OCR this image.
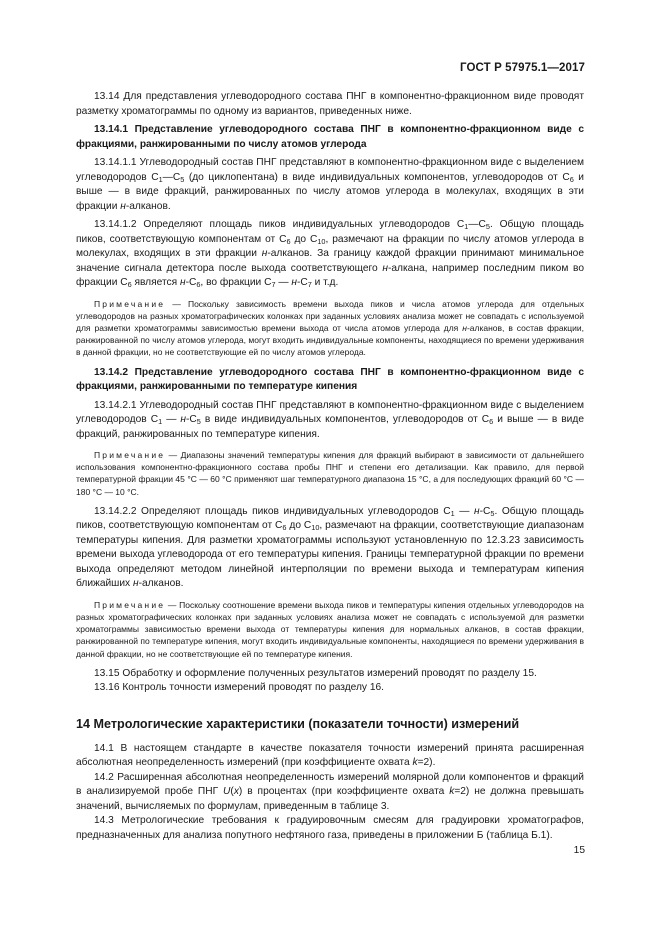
ГОСТ Р 57975.1—2017

13.14 Для представления углеводородного состава ПНГ в компонентно-фракционном виде проводят разметку хроматограммы по одному из вариантов, приведенных ниже.

13.14.1 Представление углеводородного состава ПНГ в компонентно-фракционном виде с фракциями, ранжированными по числу атомов углерода

13.14.1.1 Углеводородный состав ПНГ представляют в компонентно-фракционном виде с выделением углеводородов $С_1—С_5$ (до циклопентана) в виде индивидуальных компонентов, углеводородов от $С_6$ и выше — в виде фракций, ранжированных по числу атомов углерода в молекулах, входящих в эти фракции н-алканов.

13.14.1.2 Определяют площадь пиков индивидуальных углеводородов $С_1—С_5$. Общую площадь пиков, соответствующую компонентам от $С_6$ до $С_{10}$, размечают на фракции по числу атомов углерода в молекулах, входящих в эти фракции н-алканов. За границу каждой фракции принимают минимальное значение сигнала детектора после выхода соответствующего н-алкана, например последним пиком во фракции $С_6$ является $н-С_6$, во фракции $С_7$ — $н-С_7$ и т.д.

Примечание — Поскольку зависимость времени выхода пиков и числа атомов углерода для отдельных углеводородов на разных хроматографических колонках при заданных условиях анализа может не совпадать с используемой для разметки хроматограммы зависимостью времени выхода от числа атомов углерода для н-алканов, в состав фракции, ранжированной по числу атомов углерода, могут входить индивидуальные компоненты, находящиеся по времени удерживания в данной фракции, но не соответствующие ей по числу атомов углерода.

13.14.2 Представление углеводородного состава ПНГ в компонентно-фракционном виде с фракциями, ранжированными по температуре кипения

13.14.2.1 Углеводородный состав ПНГ представляют в компонентно-фракционном виде с выделением углеводородов $С_1$ — $н-С_5$ в виде индивидуальных компонентов, углеводородов от $С_6$ и выше — в виде фракций, ранжированных по температуре кипения.

Примечание — Диапазоны значений температуры кипения для фракций выбирают в зависимости от дальнейшего использования компонентно-фракционного состава пробы ПНГ и степени его детализации. Как правило, для первой температурной фракции 45 °С — 60 °С применяют шаг температурного диапазона 15 °С, а для последующих фракций 60 °С — 180 °С — 10 °С.

13.14.2.2 Определяют площадь пиков индивидуальных углеводородов $С_1$ — $н-С_5$. Общую площадь пиков, соответствующую компонентам от $С_6$ до $С_{10}$, размечают на фракции, соответствующие диапазонам температуры кипения. Для разметки хроматограммы используют установленную по 12.3.23 зависимость времени выхода углеводорода от его температуры кипения. Границы температурной фракции по времени выхода определяют методом линейной интерполяции по времени выхода и температурам кипения ближайших н-алканов.

Примечание — Поскольку соотношение времени выхода пиков и температуры кипения отдельных углеводородов на разных хроматографических колонках при заданных условиях анализа может не совпадать с используемой для разметки хроматограммы зависимостью времени выхода от температуры кипения для нормальных алканов, в состав фракции, ранжированной по температуре кипения, могут входить индивидуальные компоненты, находящиеся по времени удерживания в данной фракции, но не соответствующие ей по температуре кипения.

13.15 Обработку и оформление полученных результатов измерений проводят по разделу 15.

13.16 Контроль точности измерений проводят по разделу 16.

14 Метрологические характеристики (показатели точности) измерений

14.1 В настоящем стандарте в качестве показателя точности измерений принята расширенная абсолютная неопределенность измерений (при коэффициенте охвата k=2).

14.2 Расширенная абсолютная неопределенность измерений молярной доли компонентов и фракций в анализируемой пробе ПНГ U(x) в процентах (при коэффициенте охвата k=2) не должна превышать значений, вычисляемых по формулам, приведенным в таблице 3.

14.3 Метрологические требования к градуировочным смесям для градуировки хроматографов, предназначенных для анализа попутного нефтяного газа, приведены в приложении Б (таблица Б.1).

15
